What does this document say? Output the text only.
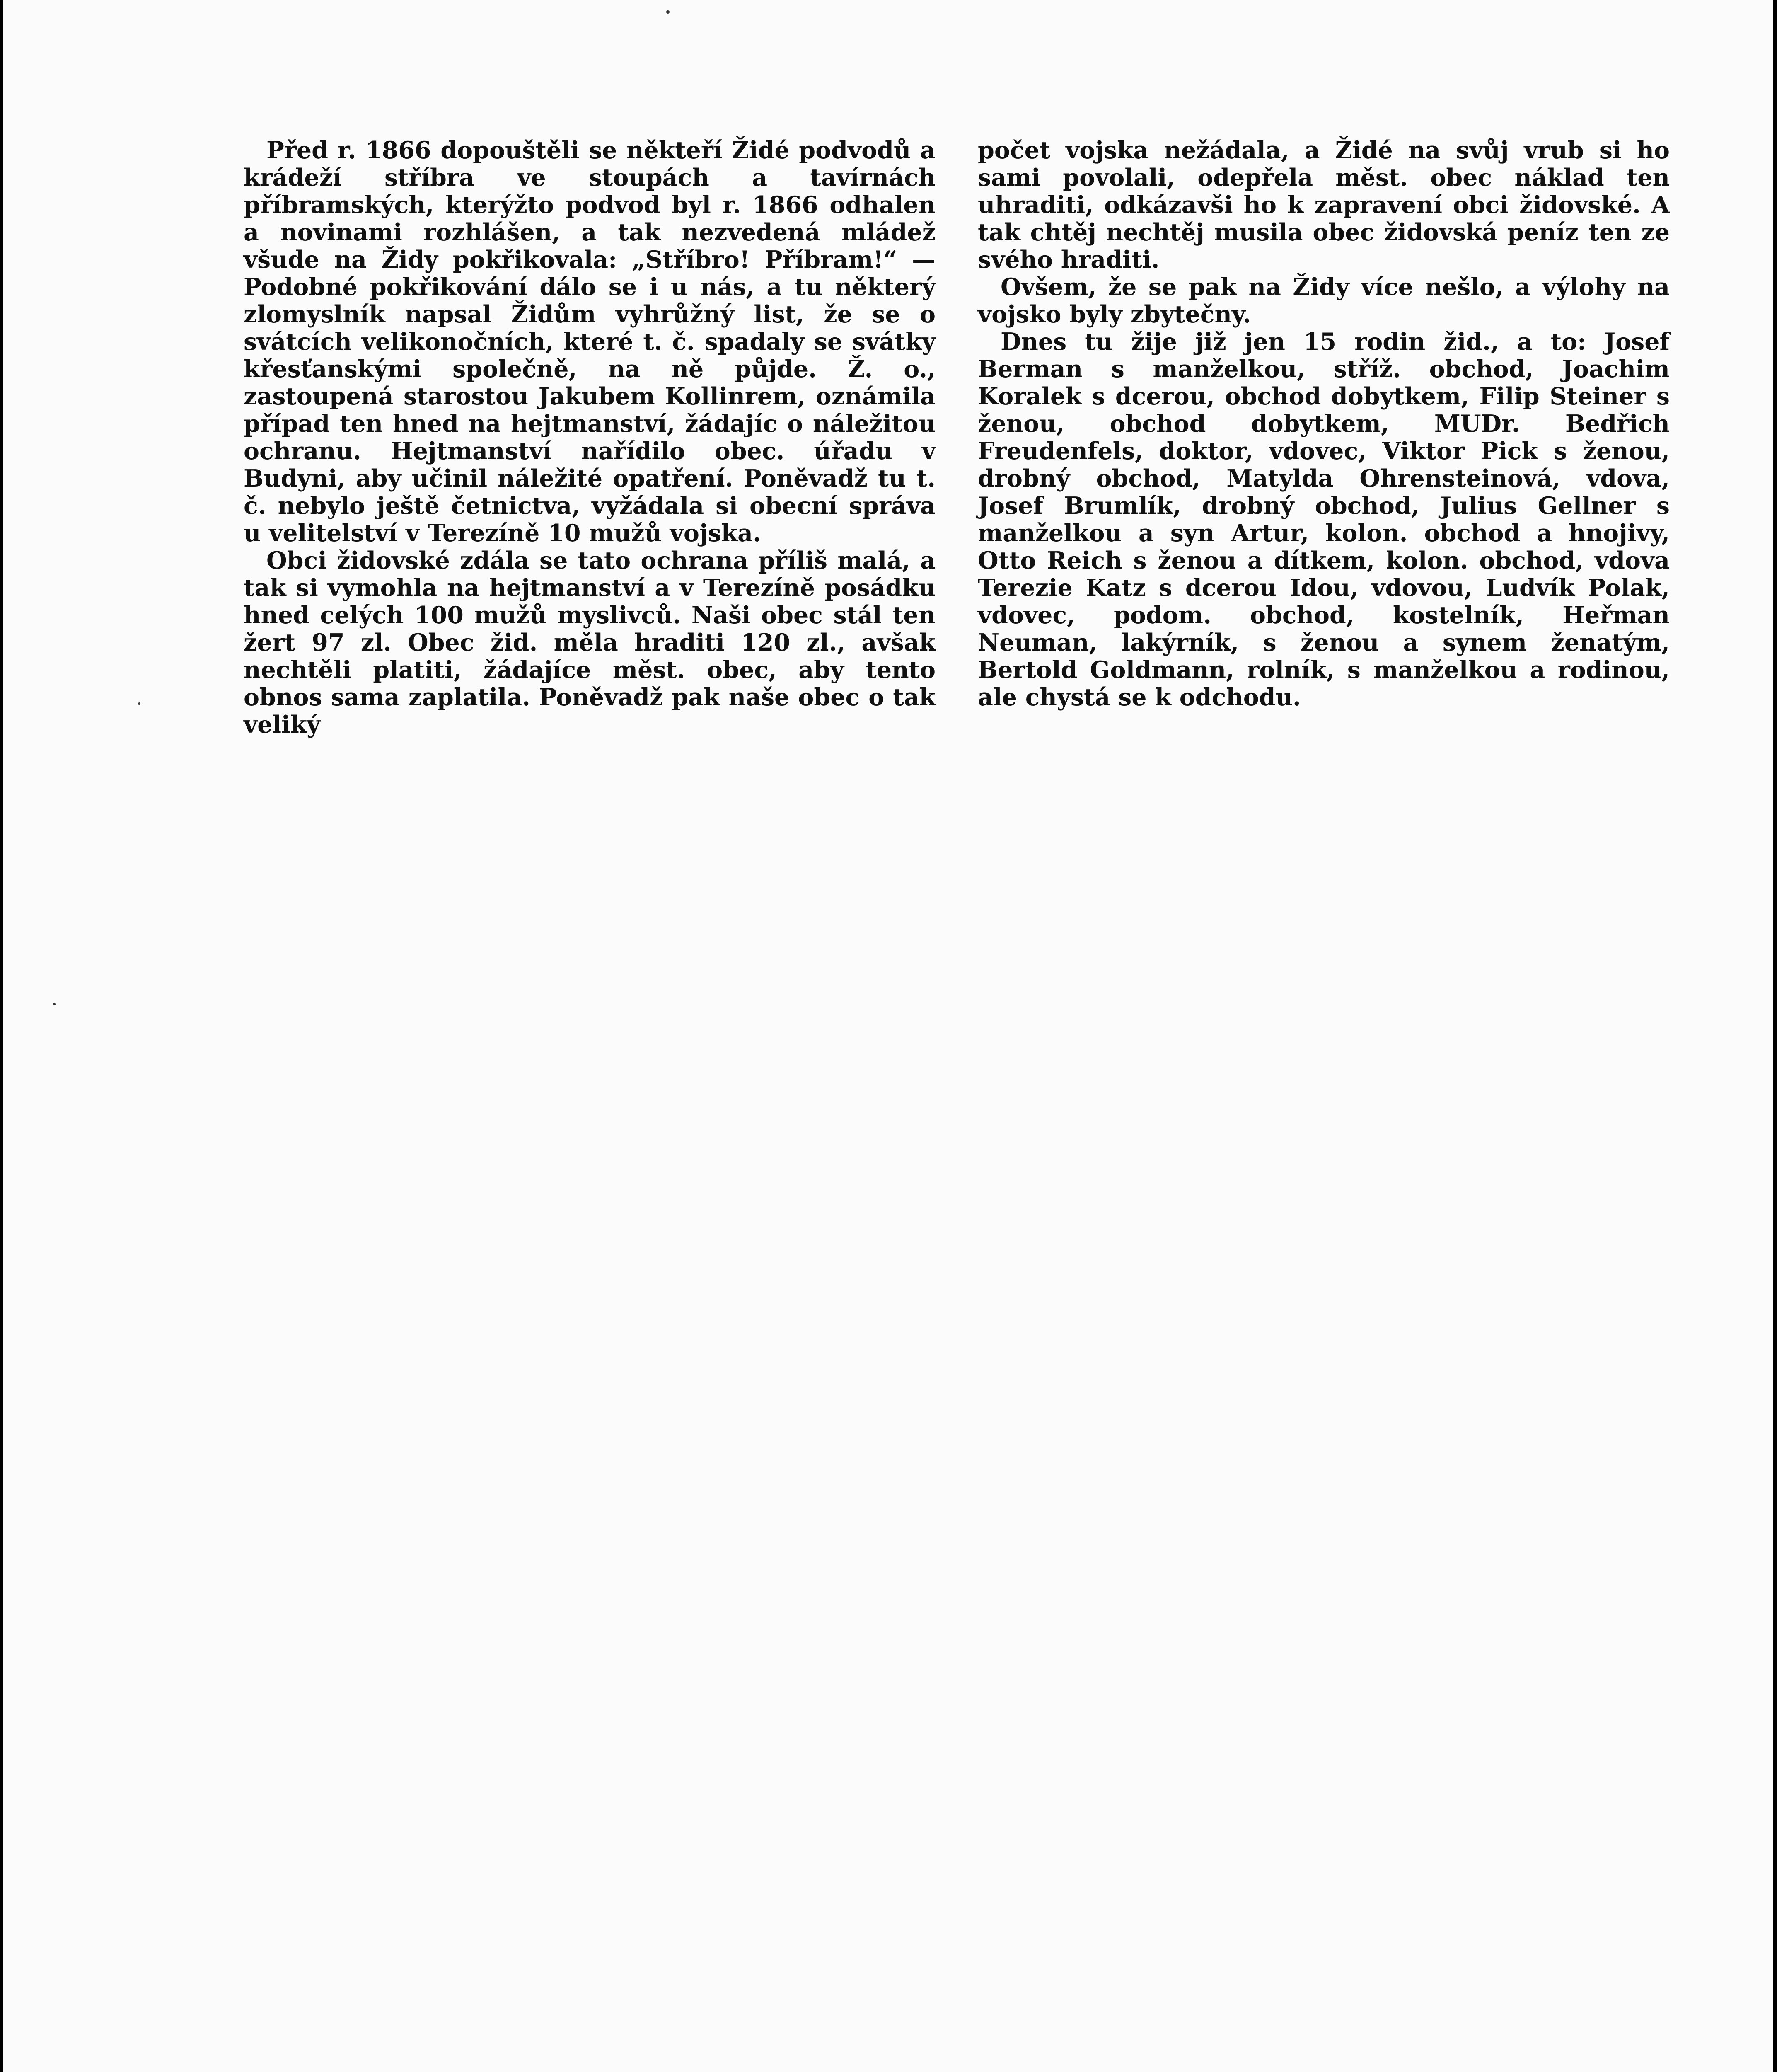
Před r. 1866 dopouštěli se někteří Židé podvodů a krádeží stříbra ve stoupách a tavírnách příbramských, kterýžto podvod byl r. 1866 odhalen a novinami rozhlášen, a tak nezvedená mládež všude na Židy pokřikovala: „Stříbro! Příbram!“ — Podobné pokřikování dálo se i u nás, a tu některý zlomyslník napsal Židům vyhrůžný list, že se o svátcích velikonočních, které t. č. spadaly se svátky křesťanskými společně, na ně půjde. Ž. o., zastoupená starostou Jakubem Kollinrem, oznámila případ ten hned na hejtmanství, žádajíc o náležitou ochranu. Hejtmanství nařídilo obec. úřadu v Budyni, aby učinil náležité opatření. Poněvadž tu t. č. nebylo ještě četnictva, vyžádala si obecní správa u velitelství v Terezíně 10 mužů vojska.

Obci židovské zdála se tato ochrana příliš malá, a tak si vymohla na hejtmanství a v Terezíně posádku hned celých 100 mužů myslivců. Naši obec stál ten žert 97 zl. Obec žid. měla hraditi 120 zl., avšak nechtěli platiti, žádajíce měst. obec, aby tento obnos sama zaplatila. Poněvadž pak naše obec o tak veliký

počet vojska nežádala, a Židé na svůj vrub si ho sami povolali, odepřela měst. obec náklad ten uhraditi, odkázavši ho k zapravení obci židovské. A tak chtěj nechtěj musila obec židovská peníz ten ze svého hraditi.

Ovšem, že se pak na Židy více nešlo, a výlohy na vojsko byly zbytečny.

Dnes tu žije již jen 15 rodin žid., a to: Josef Berman s manželkou, stříž. obchod, Joachim Koralek s dcerou, obchod dobytkem, Filip Steiner s ženou, obchod dobytkem, MUDr. Bedřich Freudenfels, doktor, vdovec, Viktor Pick s ženou, drobný obchod, Matylda Ohrensteinová, vdova, Josef Brumlík, drobný obchod, Julius Gellner s manželkou a syn Artur, kolon. obchod a hnojivy, Otto Reich s ženou a dítkem, kolon. obchod, vdova Terezie Katz s dcerou Idou, vdovou, Ludvík Polak, vdovec, podom. obchod, kostelník, Heřman Neuman, lakýrník, s ženou a synem ženatým, Bertold Goldmann, rolník, s manželkou a rodinou, ale chystá se k odchodu.
